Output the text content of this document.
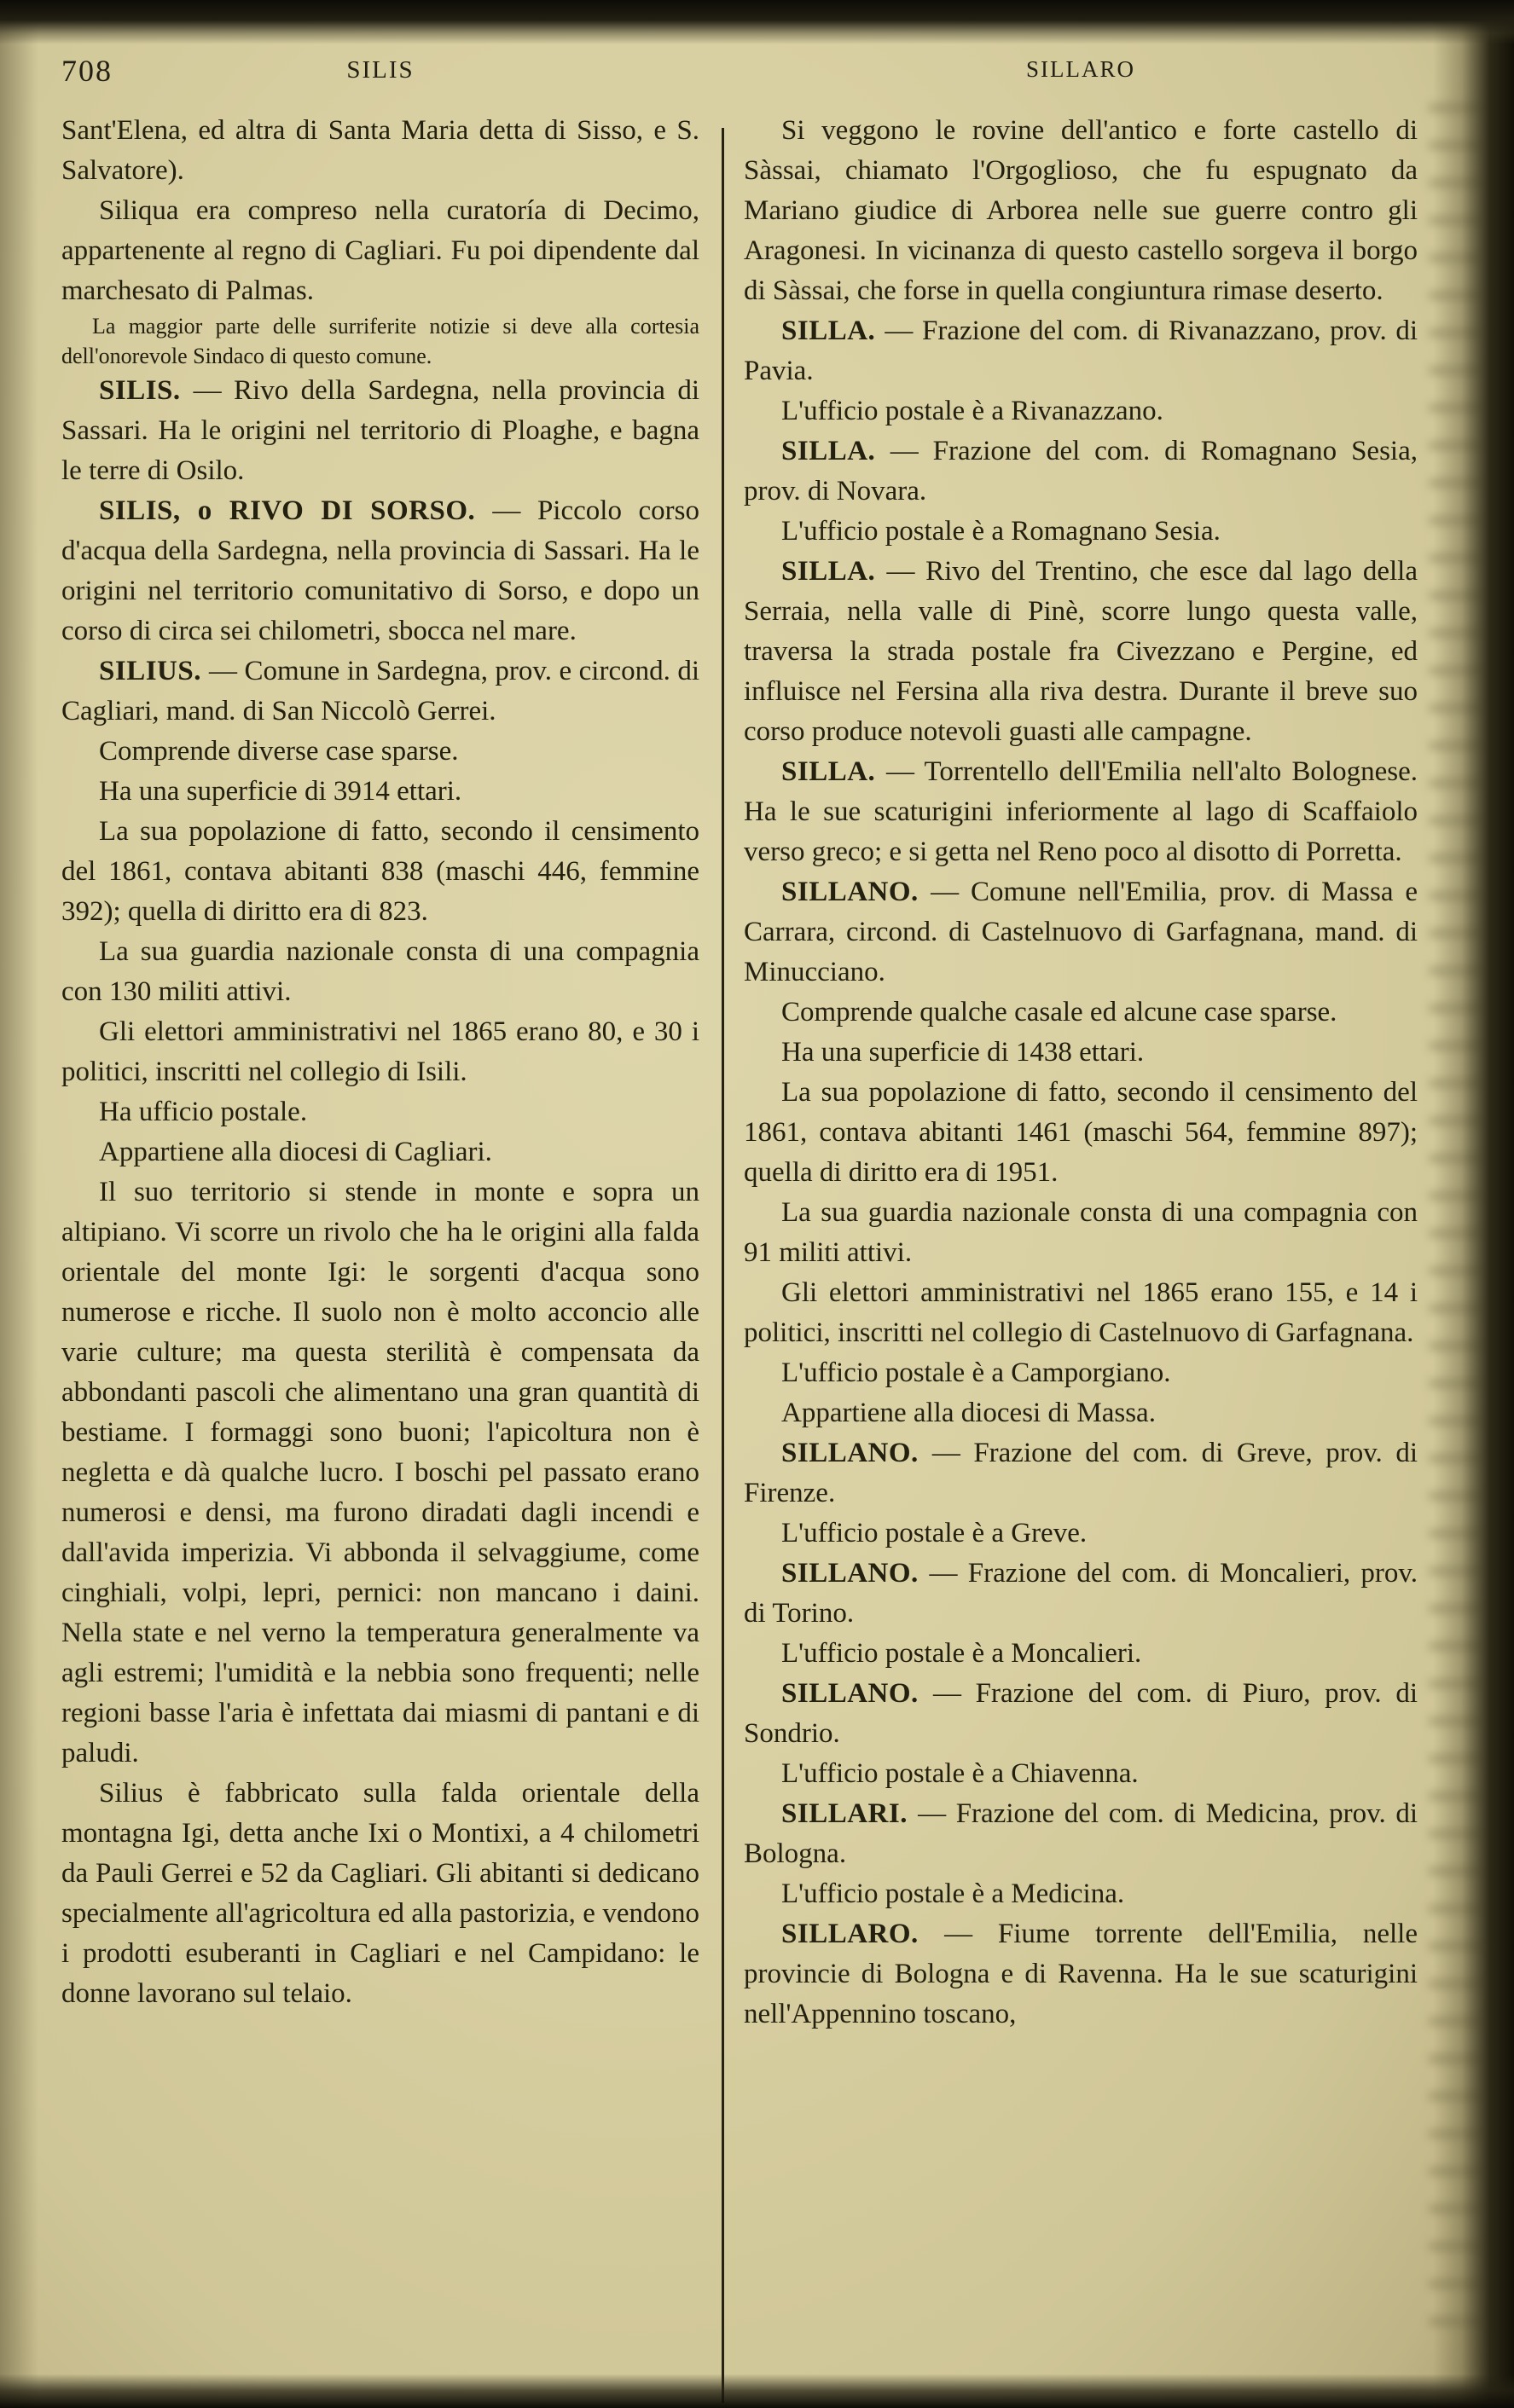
708	SILIS

Sant'Elena, ed altra di Santa Maria detta di Sisso, e S. Salvatore).

Siliqua era compreso nella curatoría di Decimo, appartenente al regno di Cagliari. Fu poi dipendente dal marchesato di Palmas.

La maggior parte delle surriferite notizie si deve alla cortesia dell'onorevole Sindaco di questo comune.

SILIS. — Rivo della Sardegna, nella provincia di Sassari. Ha le origini nel territorio di Ploaghe, e bagna le terre di Osilo.

SILIS, o RIVO DI SORSO. — Piccolo corso d'acqua della Sardegna, nella provincia di Sassari. Ha le origini nel territorio comunitativo di Sorso, e dopo un corso di circa sei chilometri, sbocca nel mare.

SILIUS. — Comune in Sardegna, prov. e circond. di Cagliari, mand. di San Niccolò Gerrei.

Comprende diverse case sparse.

Ha una superficie di 3914 ettari.

La sua popolazione di fatto, secondo il censimento del 1861, contava abitanti 838 (maschi 446, femmine 392); quella di diritto era di 823.

La sua guardia nazionale consta di una compagnia con 130 militi attivi.

Gli elettori amministrativi nel 1865 erano 80, e 30 i politici, inscritti nel collegio di Isili.

Ha ufficio postale.

Appartiene alla diocesi di Cagliari.

Il suo territorio si stende in monte e sopra un altipiano. Vi scorre un rivolo che ha le origini alla falda orientale del monte Igi: le sorgenti d'acqua sono numerose e ricche. Il suolo non è molto acconcio alle varie culture; ma questa sterilità è compensata da abbondanti pascoli che alimentano una gran quantità di bestiame. I formaggi sono buoni; l'apicoltura non è negletta e dà qualche lucro. I boschi pel passato erano numerosi e densi, ma furono diradati dagli incendi e dall'avida imperizia. Vi abbonda il selvaggiume, come cinghiali, volpi, lepri, pernici: non mancano i daini. Nella state e nel verno la temperatura generalmente va agli estremi; l'umidità e la nebbia sono frequenti; nelle regioni basse l'aria è infettata dai miasmi di pantani e di paludi.

Silius è fabbricato sulla falda orientale della montagna Igi, detta anche Ixi o Montixi, a 4 chilometri da Pauli Gerrei e 52 da Cagliari. Gli abitanti si dedicano specialmente all'agricoltura ed alla pastorizia, e vendono i prodotti esuberanti in Cagliari e nel Campidano: le donne lavorano sul telaio.

SILLARO

Si veggono le rovine dell'antico e forte castello di Sàssai, chiamato l'Orgoglioso, che fu espugnato da Mariano giudice di Arborea nelle sue guerre contro gli Aragonesi. In vicinanza di questo castello sorgeva il borgo di Sàssai, che forse in quella congiuntura rimase deserto.

SILLA. — Frazione del com. di Rivanazzano, prov. di Pavia.

L'ufficio postale è a Rivanazzano.

SILLA. — Frazione del com. di Romagnano Sesia, prov. di Novara.

L'ufficio postale è a Romagnano Sesia.

SILLA. — Rivo del Trentino, che esce dal lago della Serraia, nella valle di Pinè, scorre lungo questa valle, traversa la strada postale fra Civezzano e Pergine, ed influisce nel Fersina alla riva destra. Durante il breve suo corso produce notevoli guasti alle campagne.

SILLA. — Torrentello dell'Emilia nell'alto Bolognese. Ha le sue scaturigini inferiormente al lago di Scaffaiolo verso greco; e si getta nel Reno poco al disotto di Porretta.

SILLANO. — Comune nell'Emilia, prov. di Massa e Carrara, circond. di Castelnuovo di Garfagnana, mand. di Minucciano.

Comprende qualche casale ed alcune case sparse.

Ha una superficie di 1438 ettari.

La sua popolazione di fatto, secondo il censimento del 1861, contava abitanti 1461 (maschi 564, femmine 897); quella di diritto era di 1951.

La sua guardia nazionale consta di una compagnia con 91 militi attivi.

Gli elettori amministrativi nel 1865 erano 155, e 14 i politici, inscritti nel collegio di Castelnuovo di Garfagnana.

L'ufficio postale è a Camporgiano.

Appartiene alla diocesi di Massa.

SILLANO. — Frazione del com. di Greve, prov. di Firenze.

L'ufficio postale è a Greve.

SILLANO. — Frazione del com. di Moncalieri, prov. di Torino.

L'ufficio postale è a Moncalieri.

SILLANO. — Frazione del com. di Piuro, prov. di Sondrio.

L'ufficio postale è a Chiavenna.

SILLARI. — Frazione del com. di Medicina, prov. di Bologna.

L'ufficio postale è a Medicina.

SILLARO. — Fiume torrente dell'Emilia, nelle provincie di Bologna e di Ravenna. Ha le sue scaturigini nell'Appennino toscano,
